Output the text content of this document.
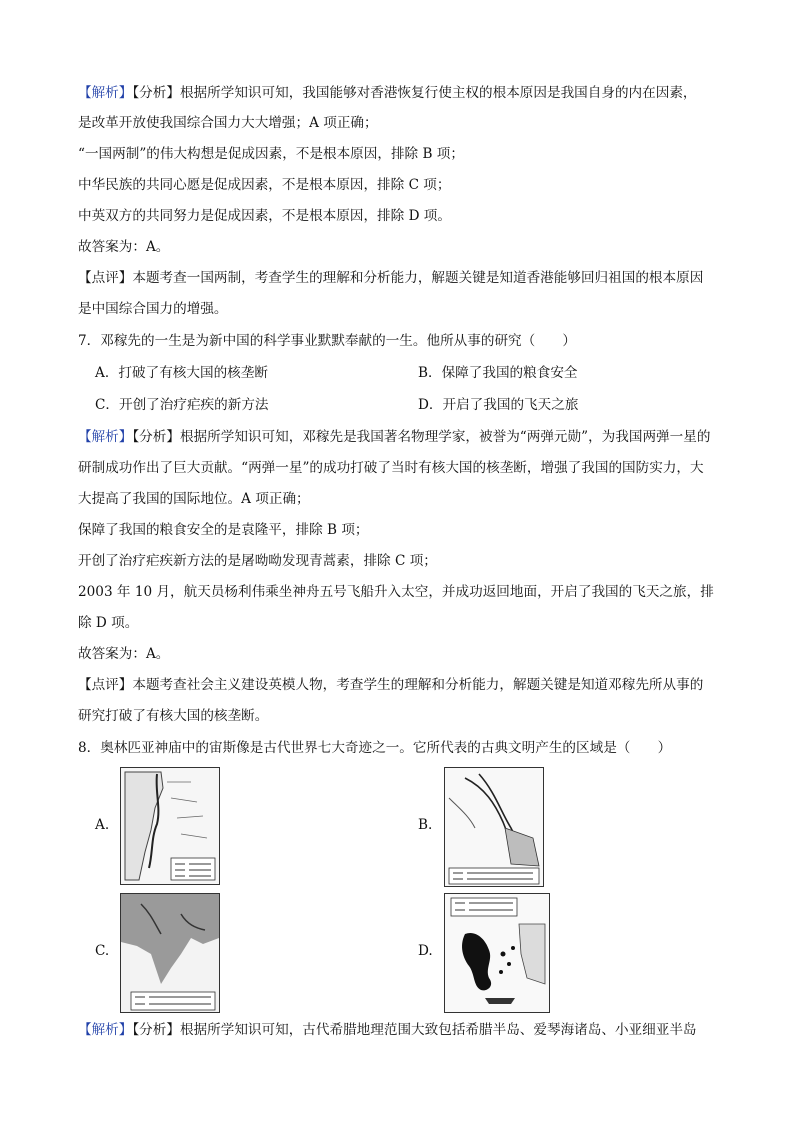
【解析】【分析】根据所学知识可知，我国能够对香港恢复行使主权的根本原因是我国自身的内在因素，
是改革开放使我国综合国力大大增强；A 项正确；
“一国两制”的伟大构想是促成因素，不是根本原因，排除 B 项；
中华民族的共同心愿是促成因素，不是根本原因，排除 C 项；
中英双方的共同努力是促成因素，不是根本原因，排除 D 项。
故答案为：A。
【点评】本题考查一国两制，考查学生的理解和分析能力，解题关键是知道香港能够回归祖国的根本原因
是中国综合国力的增强。
7．邓稼先的一生是为新中国的科学事业默默奉献的一生。他所从事的研究（　　）
A．打破了有核大国的核垄断	B．保障了我国的粮食安全
C．开创了治疗疟疾的新方法	D．开启了我国的飞天之旅
【解析】【分析】根据所学知识可知，邓稼先是我国著名物理学家，被誉为“两弹元勋”，为我国两弹一星的
研制成功作出了巨大贡献。“两弹一星”的成功打破了当时有核大国的核垄断，增强了我国的国防实力，大
大提高了我国的国际地位。A 项正确；
保障了我国的粮食安全的是袁隆平，排除 B 项；
开创了治疗疟疾新方法的是屠呦呦发现青蒿素，排除 C 项；
2003 年 10 月，航天员杨利伟乘坐神舟五号飞船升入太空，并成功返回地面，开启了我国的飞天之旅，排
除 D 项。
故答案为：A。
【点评】本题考查社会主义建设英模人物，考查学生的理解和分析能力，解题关键是知道邓稼先所从事的
研究打破了有核大国的核垄断。
8．奥林匹亚神庙中的宙斯像是古代世界七大奇迹之一。它所代表的古典文明产生的区域是（　　）
A.	B.
C.	D.
【解析】【分析】根据所学知识可知，古代希腊地理范围大致包括希腊半岛、爱琴海诸岛、小亚细亚半岛
